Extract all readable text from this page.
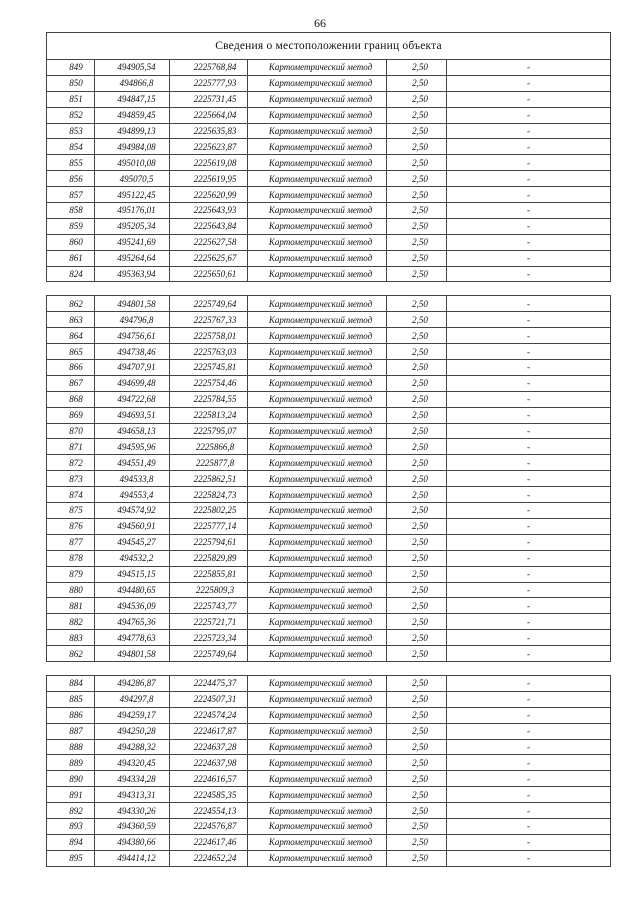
66
Сведения о местоположении границ объекта					
849	494905,54	2225768,84	Картометрический метод	2,50	-
850	494866,8	2225777,93	Картометрический метод	2,50	-
851	494847,15	2225731,45	Картометрический метод	2,50	-
852	494859,45	2225664,04	Картометрический метод	2,50	-
853	494899,13	2225635,83	Картометрический метод	2,50	-
854	494984,08	2225623,87	Картометрический метод	2,50	-
855	495010,08	2225619,08	Картометрический метод	2,50	-
856	495070,5	2225619,95	Картометрический метод	2,50	-
857	495122,45	2225620,99	Картометрический метод	2,50	-
858	495176,01	2225643,93	Картометрический метод	2,50	-
859	495205,34	2225643,84	Картометрический метод	2,50	-
860	495241,69	2225627,58	Картометрический метод	2,50	-
861	495264,64	2225625,67	Картометрический метод	2,50	-
824	495363,94	2225650,61	Картометрический метод	2,50	-

862	494801,58	2225749,64	Картометрический метод	2,50	-
863	494796,8	2225767,33	Картометрический метод	2,50	-
864	494756,61	2225758,01	Картометрический метод	2,50	-
865	494738,46	2225763,03	Картометрический метод	2,50	-
866	494707,91	2225745,81	Картометрический метод	2,50	-
867	494699,48	2225754,46	Картометрический метод	2,50	-
868	494722,68	2225784,55	Картометрический метод	2,50	-
869	494693,51	2225813,24	Картометрический метод	2,50	-
870	494658,13	2225795,07	Картометрический метод	2,50	-
871	494595,96	2225866,8	Картометрический метод	2,50	-
872	494551,49	2225877,8	Картометрический метод	2,50	-
873	494533,8	2225862,51	Картометрический метод	2,50	-
874	494553,4	2225824,73	Картометрический метод	2,50	-
875	494574,92	2225802,25	Картометрический метод	2,50	-
876	494560,91	2225777,14	Картометрический метод	2,50	-
877	494545,27	2225794,61	Картометрический метод	2,50	-
878	494532,2	2225829,89	Картометрический метод	2,50	-
879	494515,15	2225855,81	Картометрический метод	2,50	-
880	494480,65	2225809,3	Картометрический метод	2,50	-
881	494536,09	2225743,77	Картометрический метод	2,50	-
882	494765,36	2225721,71	Картометрический метод	2,50	-
883	494778,63	2225723,34	Картометрический метод	2,50	-
862	494801,58	2225749,64	Картометрический метод	2,50	-

884	494286,87	2224475,37	Картометрический метод	2,50	-
885	494297,8	2224507,31	Картометрический метод	2,50	-
886	494259,17	2224574,24	Картометрический метод	2,50	-
887	494250,28	2224617,87	Картометрический метод	2,50	-
888	494288,32	2224637,28	Картометрический метод	2,50	-
889	494320,45	2224637,98	Картометрический метод	2,50	-
890	494334,28	2224616,57	Картометрический метод	2,50	-
891	494313,31	2224585,35	Картометрический метод	2,50	-
892	494330,26	2224554,13	Картометрический метод	2,50	-
893	494360,59	2224576,87	Картометрический метод	2,50	-
894	494380,66	2224617,46	Картометрический метод	2,50	-
895	494414,12	2224652,24	Картометрический метод	2,50	-
